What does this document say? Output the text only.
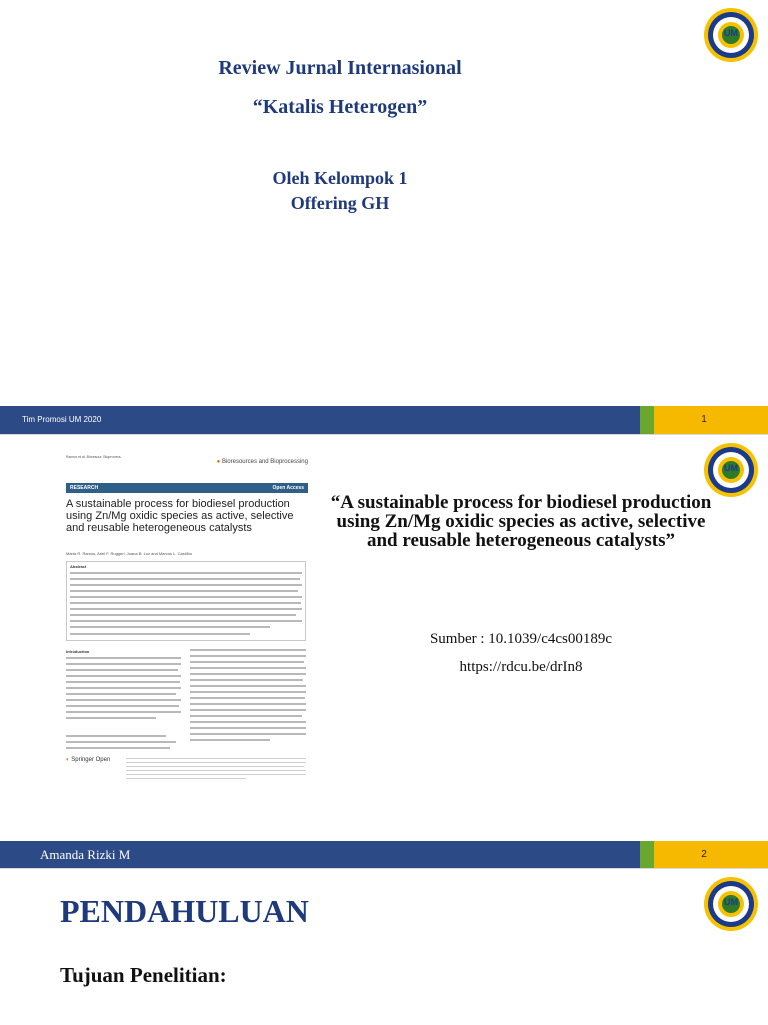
UM
Review Jurnal Internasional
“Katalis Heterogen”
Oleh Kelompok 1
Offering GH
Tim Promosi UM 2020	1
UM
Ramos et al. Bioresour. Bioprocess.
● Bioresources and Bioprocessing
RESEARCH	Open Access
A sustainable process for biodiesel production using Zn/Mg oxidic species as active, selective and reusable heterogeneous catalysts
Marta R. Ramos, Ariel F. Ruggeri, Joana B. Luz and Marcus L. Castilho
Abstract
Introduction
◐ Springer Open
“A sustainable process for biodiesel production using Zn/Mg oxidic species as active, selective and reusable heterogeneous catalysts”
Sumber : 10.1039/c4cs00189c
https://rdcu.be/drIn8
Amanda Rizki M	2
UM
PENDAHULUAN
Tujuan Penelitian:
